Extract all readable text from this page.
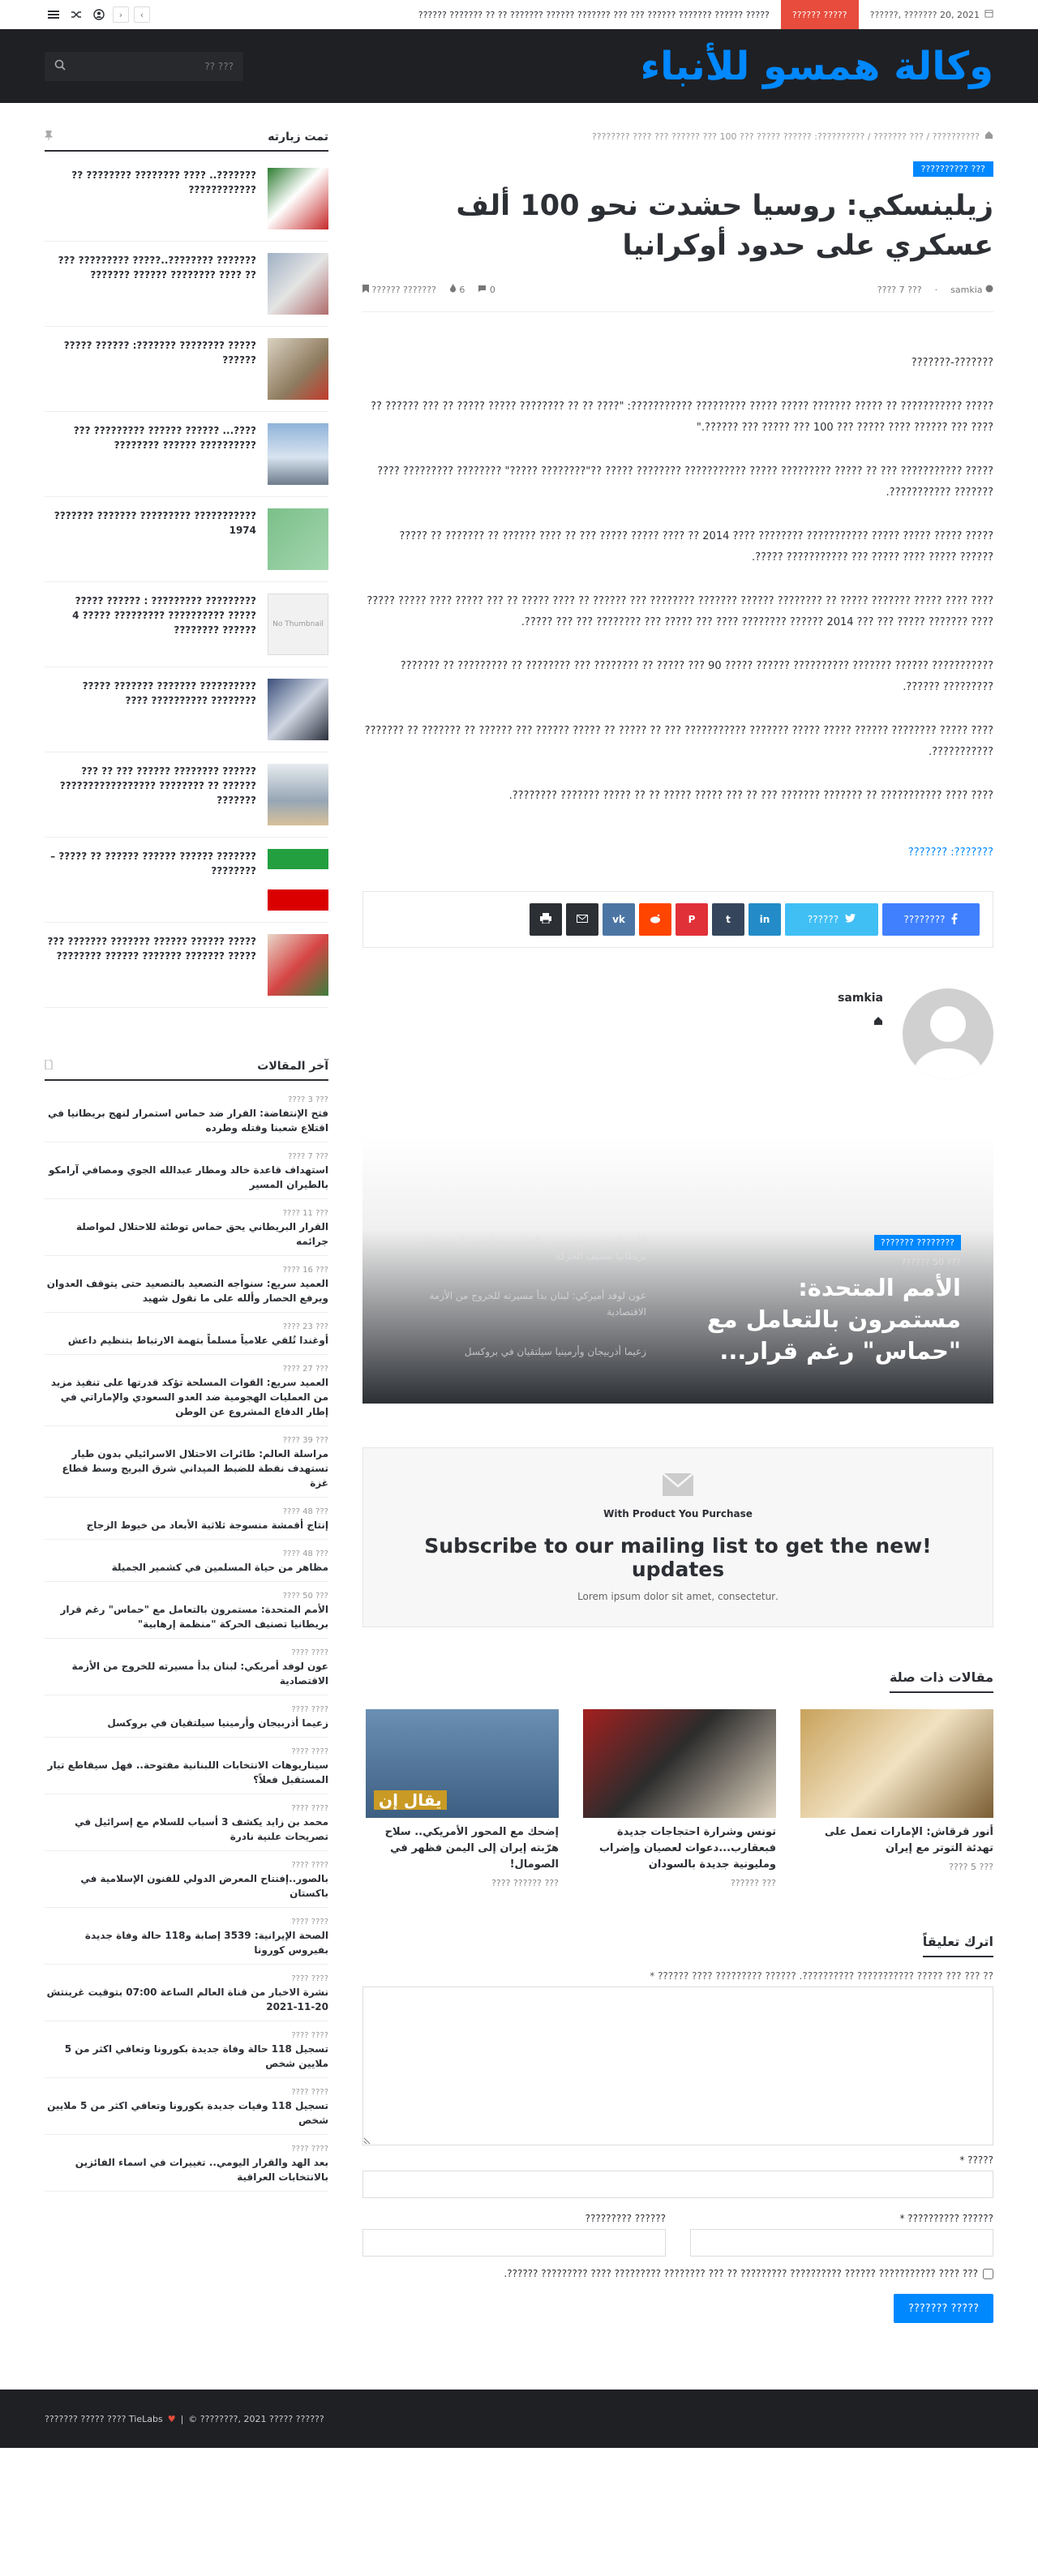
2021 ,20 ??????? ,??????
????? ??????
????? ?????? ??????? ?????? ??? ??? ??????? ?????? ??????? ?? ?? ??????? ??????
›
‹
وكالة همسو للأنباء
??? ??
?????????? / ??? ??????? / ??????????: ?????? ????? ??? 100 ??? ?????? ??? ???? ????????
??? ??????????
زيلينسكي: روسيا حشدت نحو 100 ألف عسكري على حدود أوكرانيا
samkia
·
??? 7 ????
0
6
??????? ??????

???????-???????

????? ??????????? ?? ????? ??????? ????? ????? ????????? ???????????: "???? ?? ?? ???????? ????? ????? ?? ??? ?????? ?? ???? ??? ?????? ???? ????? ??? 100 ??? ????? ??? ??????."

????? ??????????? ??? ?? ????? ????????? ????? ??????????? ???????? ????? ??"???????? ?????" ???????? ????????? ???? ??????? ???????????.

????? ????? ????? ????? ??????????? ???????? ???? 2014 ?? ???? ????? ????? ??? ?? ???? ?????? ?? ??????? ?? ????? ?????? ????? ???? ????? ??? ??????????? ?????.

???? ???? ????? ??????? ????? ?? ???????? ?????? ??????? ???????? ??? ?????? ?? ???? ????? ?? ??? ????? ???? ????? ????? ???? ??????? ????? ??? ??? 2014 ?????? ???????? ???? ??? ????? ??? ???????? ??? ??? ?????.

??????????? ?????? ??????? ?????????? ?????? ????? 90 ??? ????? ?? ???????? ??? ???????? ?? ????????? ?? ??????? ????????? ??????.

???? ????? ???????? ?????? ????? ????? ??????? ??????????? ??? ?? ????? ?? ????? ?????? ??? ?????? ?? ??????? ?? ??????? ???????????.

???? ???? ??????????? ?? ??????? ??????? ??? ?? ??? ????? ????? ?? ?? ????? ??????? ????????.

???????: ???????
????????
??????
in
t
P
vk
samkia
???????? ???????
??? 50 ??????
الأمم المتحدة: مستمرون بالتعامل مع "حماس" رغم قرار...
الأمم المتحدة: مستمرون بالتعامل مع "حماس" رغم قرار بريطانيا تصنيف الحركة
عون لوفد أميركي: لبنان بدأ مسيرته للخروج من الأزمة الاقتصادية
زعيما أذربيجان وأرمينيا سيلتقيان في بروكسل
With Product You Purchase
!Subscribe to our mailing list to get the new updates
.Lorem ipsum dolor sit amet, consectetur
مقالات ذات صلة
أنور قرقاش: الإمارات تعمل على تهدئة التوتر مع إيران
??? 5 ????
تونس وشرارة احتجاجات جديدة فبعقارب...دعوات لعصيان وإضراب ومليونية جديدة بالسودان
??? ??????
يقال إن
إضحك مع المحور الأمريكي.. سلاح هرّبته إيران إلى اليمن فظهر في الصومال!
??? ?????? ????
اترك تعليقاً
?? ??? ??? ????? ??????????? ??????????. ?????? ????????? ???? ?????? *
????? *
?????? ?????????? *
?????? ?????????
??? ???? ??????????? ?????? ?????????? ????????? ?? ??? ???????? ????????? ???? ????????? ??????.
????? ???????
تمت زيارته
???????.. ???? ???????? ???????? ?? ????????????
??????? ????????..????? ????????? ??? ?? ???? ???????? ?????? ???????
????? ???????? ???????: ?????? ????? ??????
????... ?????? ?????? ????????? ??? ?????????? ?????? ????????
??????????? ????????? ??????? ??????? 1974
No Thumbnail
????????? ????????? : ?????? ????? ????? ?????????? ????????? ????? 4 ?????? ????????
?????????? ??????? ??????? ????? ???????? ?????????? ????
?????? ???????? ?????? ??? ?? ??? ?????? ?? ???????? ????????????????? ???????
??????? ?????? ?????? ?????? ?? ????? – ????????
????? ?????? ?????? ??????? ??????? ??? ????? ??????? ??????? ?????? ????????
آخر المقالات
??? 3 ????
فتح الإنتفاضة: القرار ضد حماس استمرار لنهج بريطانيا في اقتلاع شعبنا وقتله وطرده
??? 7 ????
استهداف قاعدة خالد ومطار عبدالله الجوي ومصافي آرامكو بالطيران المسير
??? 11 ????
القرار البريطاني يحق حماس توطئة للاحتلال لمواصلة جرائمه
??? 16 ????
العميد سريع: سنواجه التصعيد بالتصعيد حتى يتوقف العدوان ويرفع الحصار وألله على ما نقول شهيد
??? 23 ????
أوغندا تُلقي علامياً مسلماً بتهمة الارتباط بتنظيم داعش
??? 27 ????
العميد سريع: القوات المسلحة تؤكد قدرتها على تنفيذ مزيد من العمليات الهجومية ضد العدو السعودي والإماراتي في إطار الدفاع المشروع عن الوطن
??? 39 ????
مراسلة العالم: طائرات الاحتلال الاسرائيلي بدون طيار تستهدف نقطة للضبط الميداني شرق البريج وسط قطاع غزة
??? 48 ????
إنتاج أقمشة منسوجة ثلاثية الأبعاد من خيوط الزجاج
??? 48 ????
مظاهر من حياة المسلمين في كشمير الجميلة
??? 50 ????
الأمم المتحدة: مستمرون بالتعامل مع "حماس" رغم قرار بريطانيا تصنيف الحركة "منظمة إرهابية"
???? ????
عون لوفد أمريكي: لبنان بدأ مسيرته للخروج من الأزمة الاقتصادية
???? ????
زعيما أذربيجان وأرمينيا سيلتقيان في بروكسل
???? ????
سيناريوهات الانتخابات اللبنانية مفتوحة.. فهل سيقاطع تيار المستقبل فعلاً؟
???? ????
محمد بن زايد يكشف 3 أسباب للسلام مع إسرائيل في تصريحات علنية نادرة
???? ????
بالصور..إفتتاح المعرض الدولي للفنون الإسلامية في باكستان
???? ????
الصحة الإيرانية: 3539 إصابة و118 حالة وفاة جديدة بفيروس كورونا
???? ????
نشرة الاخبار من قناة العالم الساعة 07:00 بتوقيت غرينتش 20-11-2021
???? ????
تسجيل 118 حالة وفاة جديدة بكورونا وتعافي اكثر من 5 ملايين شخص
???? ????
تسجيل 118 وفيات جديدة بكورونا وتعافي اكثر من 5 ملايين شخص
???? ????
بعد الهد والقرار اليومي.. تغييرات في اسماء الفائزين بالانتخابات العراقية
?????? ????? 2021 ,???????? ©
|
♥
TieLabs ???? ????? ???????
